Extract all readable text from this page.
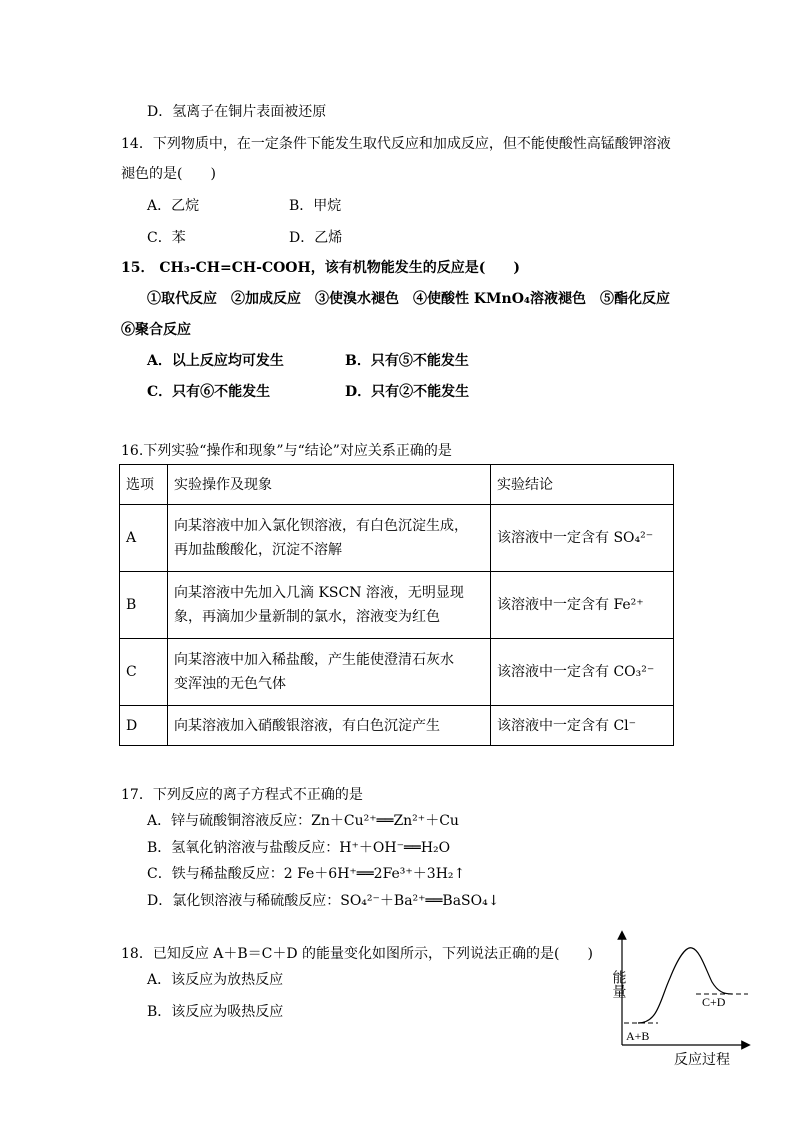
D．氢离子在铜片表面被还原
14．下列物质中，在一定条件下能发生取代反应和加成反应，但不能使酸性高锰酸钾溶液
褪色的是(　　)
A．乙烷	B．甲烷
C．苯	D．乙烯
15． CH₃-CH=CH-COOH，该有机物能发生的反应是(　　)
①取代反应　②加成反应　③使溴水褪色　④使酸性 KMnO₄溶液褪色　⑤酯化反应
⑥聚合反应
A．以上反应均可发生	B．只有⑤不能发生
C．只有⑥不能发生	D．只有②不能发生
16.下列实验“操作和现象”与“结论”对应关系正确的是
选项	实验操作及现象	实验结论
A	向某溶液中加入氯化钡溶液，有白色沉淀生成，
再加盐酸酸化，沉淀不溶解	该溶液中一定含有 SO₄²⁻
B	向某溶液中先加入几滴 KSCN 溶液，无明显现
象，再滴加少量新制的氯水，溶液变为红色	该溶液中一定含有 Fe²⁺
C	向某溶液中加入稀盐酸，产生能使澄清石灰水
变浑浊的无色气体	该溶液中一定含有 CO₃²⁻
D	向某溶液加入硝酸银溶液，有白色沉淀产生	该溶液中一定含有 Cl⁻
17．下列反应的离子方程式不正确的是
A．锌与硫酸铜溶液反应：Zn＋Cu²⁺══Zn²⁺＋Cu
B．氢氧化钠溶液与盐酸反应：H⁺＋OH⁻══H₂O
C．铁与稀盐酸反应：2 Fe＋6H⁺══2Fe³⁺＋3H₂↑
D．氯化钡溶液与稀硫酸反应：SO₄²⁻＋Ba²⁺══BaSO₄↓
18．已知反应 A＋B＝C＋D 的能量变化如图所示，下列说法正确的是(　　)
A．该反应为放热反应
B．该反应为吸热反应
能量
反应过程
A+B
C+D
